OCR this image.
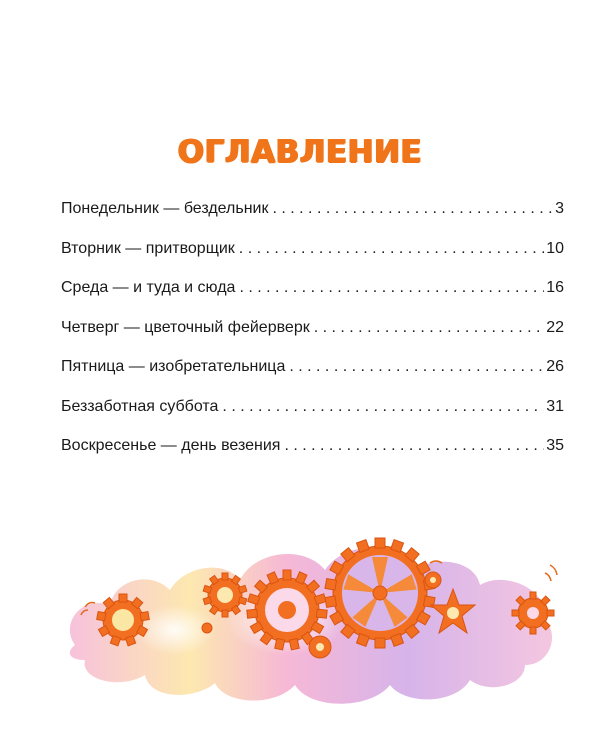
ОГЛАВЛЕНИЕ
Понедельник — бездельник . . .	3
Вторник — притворщик . . .	10
Среда — и туда и сюда . . .	16
Четверг — цветочный фейерверк . . .	22
Пятница — изобретательница . . .	26
Беззаботная суббота . . .	31
Воскресенье — день везения . . .	35
